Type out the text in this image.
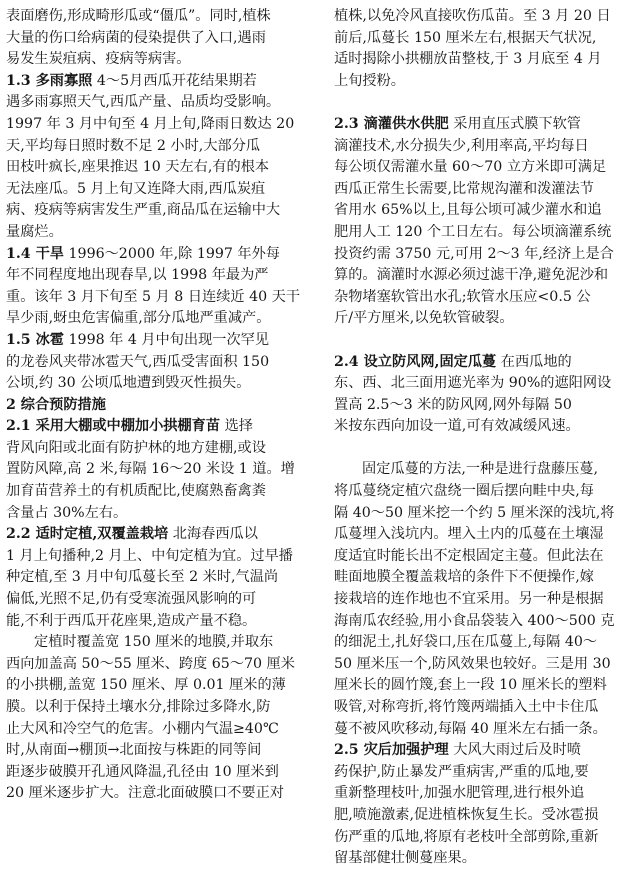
表面磨伤,形成畸形瓜或“僵瓜”。同时,植株
大量的伤口给病菌的侵染提供了入口,遇雨
易发生炭疽病、疫病等病害。
1.3 多雨寡照 4～5月西瓜开花结果期若
遇多雨寡照天气,西瓜产量、品质均受影响。
1997 年 3 月中旬至 4 月上旬,降雨日数达 20
天,平均每日照时数不足 2 小时,大部分瓜
田枝叶疯长,座果推迟 10 天左右,有的根本
无法座瓜。5 月上旬又连降大雨,西瓜炭疽
病、疫病等病害发生严重,商品瓜在运输中大
量腐烂。
1.4 干旱 1996～2000 年,除 1997 年外每
年不同程度地出现春旱,以 1998 年最为严
重。该年 3 月下旬至 5 月 8 日连续近 40 天干
旱少雨,蚜虫危害偏重,部分瓜地严重减产。
1.5 冰雹 1998 年 4 月中旬出现一次罕见
的龙卷风夹带冰雹天气,西瓜受害面积 150
公顷,约 30 公顷瓜地遭到毁灭性损失。
2 综合预防措施
2.1 采用大棚或中棚加小拱棚育苗 选择
背风向阳或北面有防护林的地方建棚,或设
置防风障,高 2 米,每隔 16～20 米设 1 道。增
加育苗营养土的有机质配比,使腐熟畜禽粪
含量占 30%左右。
2.2 适时定植,双覆盖栽培 北海春西瓜以
1 月上旬播种,2 月上、中旬定植为宜。过早播
种定植,至 3 月中旬瓜蔓长至 2 米时,气温尚
偏低,光照不足,仍有受寒流强风影响的可
能,不利于西瓜开花座果,造成产量不稳。
定植时覆盖宽 150 厘米的地膜,并取东
西向加盖高 50～55 厘米、跨度 65～70 厘米
的小拱棚,盖宽 150 厘米、厚 0.01 厘米的薄
膜。以利于保持土壤水分,排除过多降水,防
止大风和冷空气的危害。小棚内气温≥40℃
时,从南面→棚顶→北面按与株距的同等间
距逐步破膜开孔通风降温,孔径由 10 厘米到
20 厘米逐步扩大。注意北面破膜口不要正对
植株,以免冷风直接吹伤瓜苗。至 3 月 20 日
前后,瓜蔓长 150 厘米左右,根据天气状况,
适时揭除小拱棚放苗整枝,于 3 月底至 4 月
上旬授粉。
2.3 滴灌供水供肥 采用直压式膜下软管
滴灌技术,水分损失少,利用率高,平均每日
每公顷仅需灌水量 60～70 立方米即可满足
西瓜正常生长需要,比常规沟灌和泼灌法节
省用水 65%以上,且每公顷可减少灌水和追
肥用人工 120 个工日左右。每公顷滴灌系统
投资约需 3750 元,可用 2～3 年,经济上是合
算的。滴灌时水源必须过滤干净,避免泥沙和
杂物堵塞软管出水孔;软管水压应<0.5 公
斤/平方厘米,以免软管破裂。
2.4 设立防风网,固定瓜蔓 在西瓜地的
东、西、北三面用遮光率为 90%的遮阳网设
置高 2.5～3 米的防风网,网外每隔 50
米按东西向加设一道,可有效减缓风速。
固定瓜蔓的方法,一种是进行盘藤压蔓,
将瓜蔓绕定植穴盘绕一圈后摆向畦中央,每
隔 40～50 厘米挖一个约 5 厘米深的浅坑,将
瓜蔓埋入浅坑内。埋入土内的瓜蔓在土壤湿
度适宜时能长出不定根固定主蔓。但此法在
畦面地膜全覆盖栽培的条件下不便操作,嫁
接栽培的连作地也不宜采用。另一种是根据
海南瓜农经验,用小食品袋装入 400～500 克
的细泥土,扎好袋口,压在瓜蔓上,每隔 40～
50 厘米压一个,防风效果也较好。三是用 30
厘米长的圆竹篾,套上一段 10 厘米长的塑料
吸管,对称弯折,将竹篾两端插入土中卡住瓜
蔓不被风吹移动,每隔 40 厘米左右插一条。
2.5 灾后加强护理 大风大雨过后及时喷
药保护,防止暴发严重病害,严重的瓜地,要
重新整理枝叶,加强水肥管理,进行根外追
肥,喷施激素,促进植株恢复生长。受冰雹损
伤严重的瓜地,将原有老枝叶全部剪除,重新
留基部健壮侧蔓座果。
